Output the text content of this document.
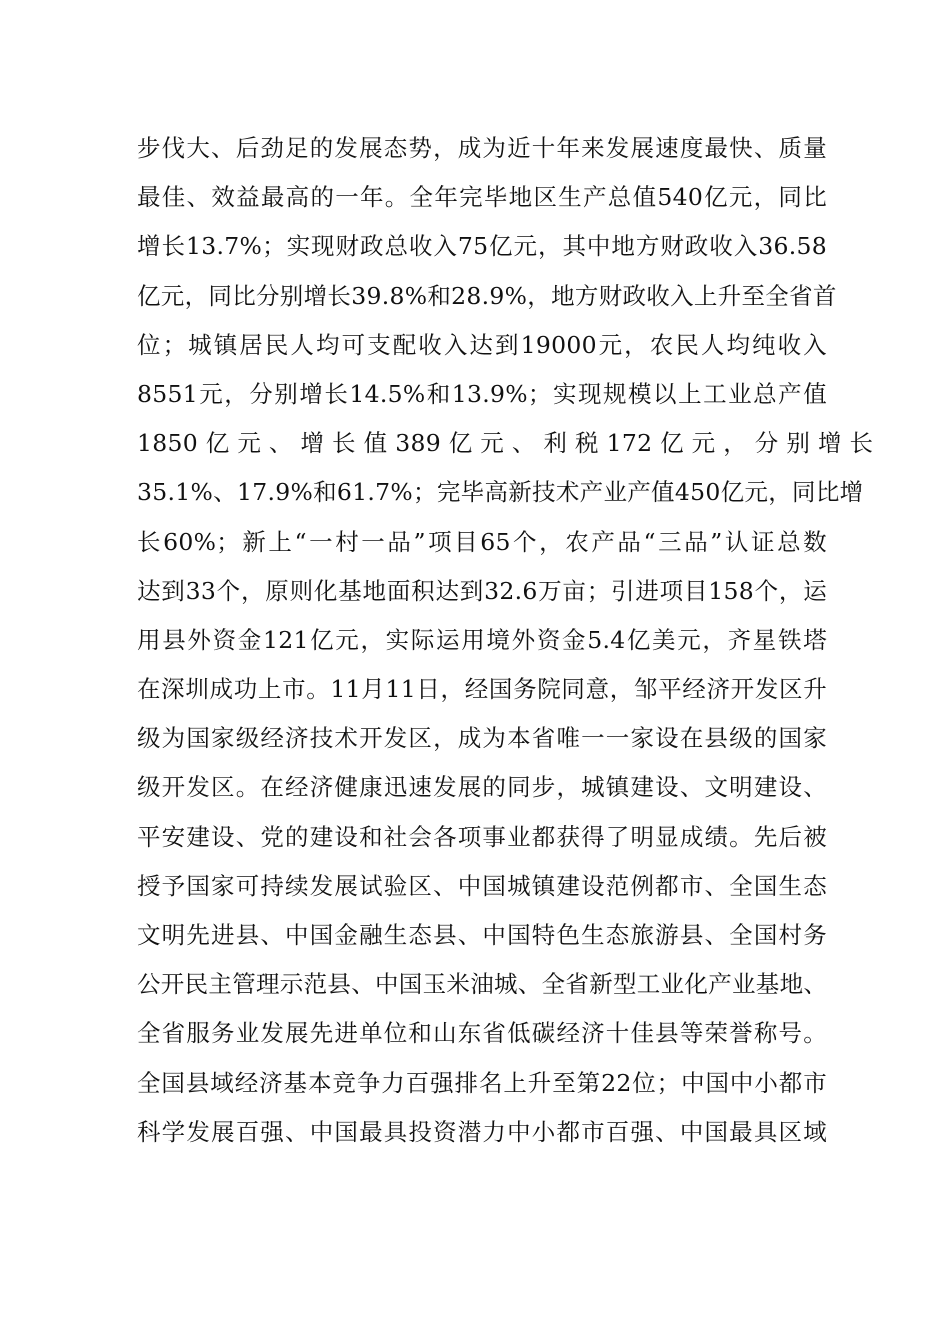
步伐大、后劲足的发展态势，成为近十年来发展速度最快、质量
最佳、效益最高的一年。全年完毕地区生产总值540亿元，同比
增长13.7%；实现财政总收入75亿元，其中地方财政收入36.58
亿元，同比分别增长39.8%和28.9%，地方财政收入上升至全省首
位；城镇居民人均可支配收入达到19000元，农民人均纯收入
8551元，分别增长14.5%和13.9%；实现规模以上工业总产值
1850 亿 元 、 增 长 值 389 亿 元 、 利 税 172 亿 元 ， 分 别 增 长
35.1%、17.9%和61.7%；完毕高新技术产业产值450亿元，同比增
长60%；新上“一村一品”项目65个，农产品“三品”认证总数
达到33个，原则化基地面积达到32.6万亩；引进项目158个，运
用县外资金121亿元，实际运用境外资金5.4亿美元，齐星铁塔
在深圳成功上市。11月11日，经国务院同意，邹平经济开发区升
级为国家级经济技术开发区，成为本省唯一一家设在县级的国家
级开发区。在经济健康迅速发展的同步，城镇建设、文明建设、
平安建设、党的建设和社会各项事业都获得了明显成绩。先后被
授予国家可持续发展试验区、中国城镇建设范例都市、全国生态
文明先进县、中国金融生态县、中国特色生态旅游县、全国村务
公开民主管理示范县、中国玉米油城、全省新型工业化产业基地、
全省服务业发展先进单位和山东省低碳经济十佳县等荣誉称号。
全国县域经济基本竞争力百强排名上升至第22位；中国中小都市
科学发展百强、中国最具投资潜力中小都市百强、中国最具区域
